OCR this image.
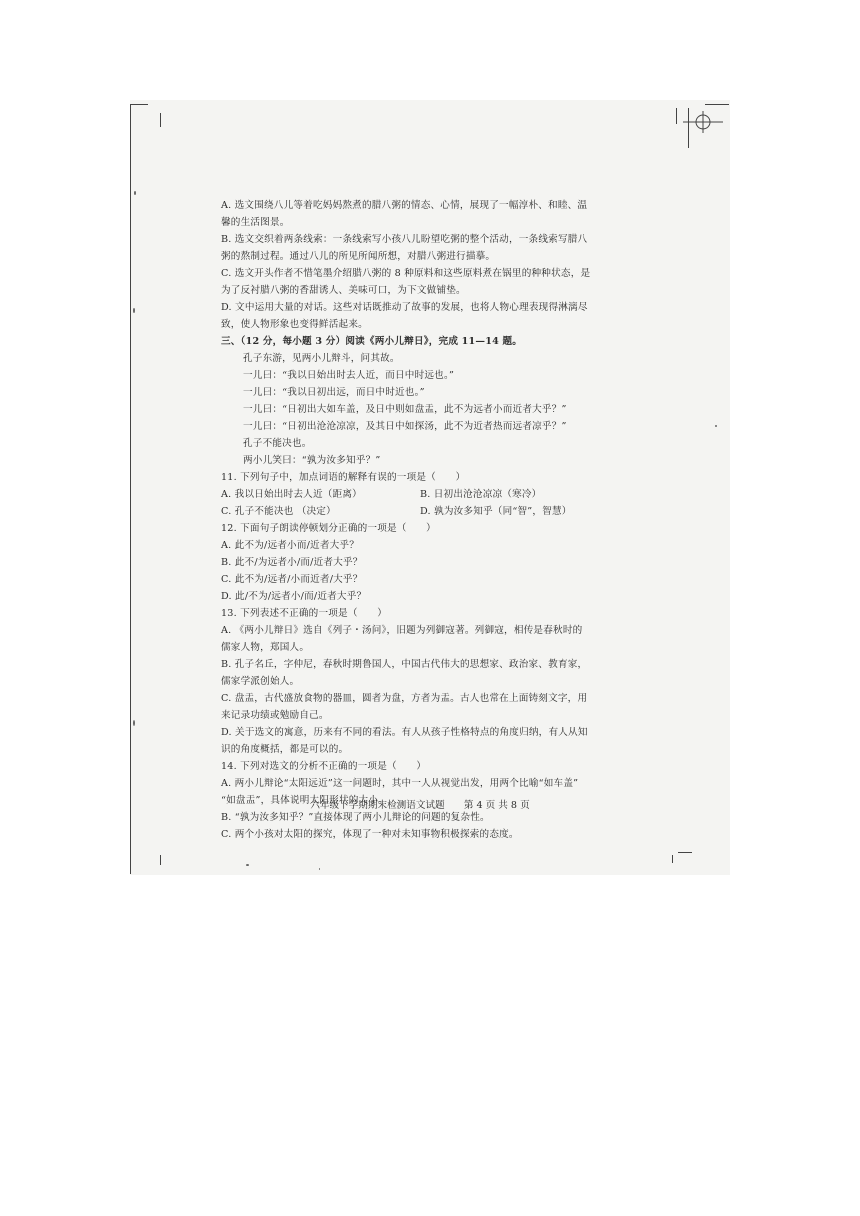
A. 选文围绕八儿等着吃妈妈熬煮的腊八粥的情态、心情，展现了一幅淳朴、和睦、温

馨的生活图景。

B. 选文交织着两条线索：一条线索写小孩八儿盼望吃粥的整个活动，一条线索写腊八

粥的熬制过程。通过八儿的所见所闻所想，对腊八粥进行描摹。

C. 选文开头作者不惜笔墨介绍腊八粥的 8 种原料和这些原料煮在锅里的种种状态，是

为了反衬腊八粥的香甜诱人、美味可口，为下文做铺垫。

D. 文中运用大量的对话。这些对话既推动了故事的发展，也将人物心理表现得淋漓尽

致，使人物形象也变得鲜活起来。

三、（12 分，每小题 3 分）阅读《两小儿辩日》，完成 11—14 题。

孔子东游，见两小儿辩斗，问其故。

一儿曰：“我以日始出时去人近，而日中时远也。”

一儿曰：“我以日初出远，而日中时近也。”

一儿曰：“日初出大如车盖，及日中则如盘盂，此不为远者小而近者大乎？”

一儿曰：“日初出沧沧凉凉，及其日中如探汤，此不为近者热而远者凉乎？”

孔子不能决也。

两小儿笑曰：“孰为汝多知乎？”

11. 下列句子中，加点词语的解释有误的一项是（　　）

A. 我以日始出时去人近（距离）	B. 日初出沧沧凉凉（寒冷）
C. 孔子不能决也 （决定）	D. 孰为汝多知乎（同“智”，智慧）

12. 下面句子朗读停顿划分正确的一项是（　　）

A. 此不为/远者小而/近者大乎？

B. 此不/为远者小/而/近者大乎？

C. 此不为/远者/小而近者/大乎？

D. 此/不为/远者小/而/近者大乎？

13. 下列表述不正确的一项是（　　）

A. 《两小儿辩日》选自《列子・汤问》，旧题为列御寇著。列御寇，相传是春秋时的

儒家人物，郑国人。

B. 孔子名丘，字仲尼，春秋时期鲁国人，中国古代伟大的思想家、政治家、教育家，

儒家学派创始人。

C. 盘盂，古代盛放食物的器皿，圆者为盘，方者为盂。古人也常在上面铸刻文字，用

来记录功绩或勉励自己。

D. 关于选文的寓意，历来有不同的看法。有人从孩子性格特点的角度归纳，有人从知

识的角度概括，都是可以的。

14. 下列对选文的分析不正确的一项是（　　）

A. 两小儿辩论“太阳远近”这一问题时，其中一人从视觉出发，用两个比喻“如车盖”

“如盘盂”，具体说明太阳形状的大小。

B. “孰为汝多知乎？”直接体现了两小儿辩论的问题的复杂性。

C. 两个小孩对太阳的探究，体现了一种对未知事物积极探索的态度。

六年级下学期期末检测语文试题　　第 4 页 共 8 页
